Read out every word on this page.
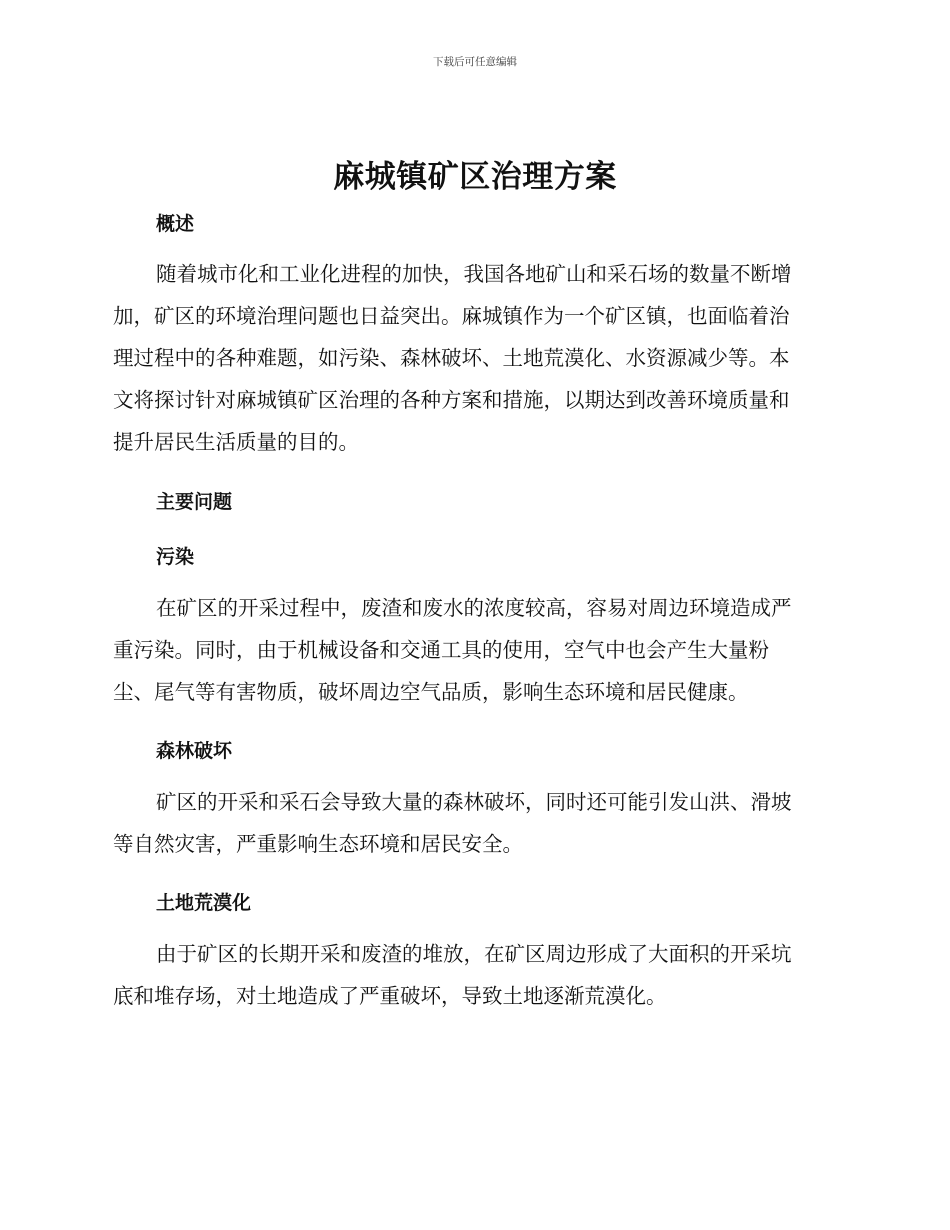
下载后可任意编辑
麻城镇矿区治理方案
概述
随着城市化和工业化进程的加快，我国各地矿山和采石场的数量不断增
加，矿区的环境治理问题也日益突出。麻城镇作为一个矿区镇，也面临着治
理过程中的各种难题，如污染、森林破坏、土地荒漠化、水资源减少等。本
文将探讨针对麻城镇矿区治理的各种方案和措施，以期达到改善环境质量和
提升居民生活质量的目的。
主要问题
污染
在矿区的开采过程中，废渣和废水的浓度较高，容易对周边环境造成严
重污染。同时，由于机械设备和交通工具的使用，空气中也会产生大量粉
尘、尾气等有害物质，破坏周边空气品质，影响生态环境和居民健康。
森林破坏
矿区的开采和采石会导致大量的森林破坏，同时还可能引发山洪、滑坡
等自然灾害，严重影响生态环境和居民安全。
土地荒漠化
由于矿区的长期开采和废渣的堆放，在矿区周边形成了大面积的开采坑
底和堆存场，对土地造成了严重破坏，导致土地逐渐荒漠化。
